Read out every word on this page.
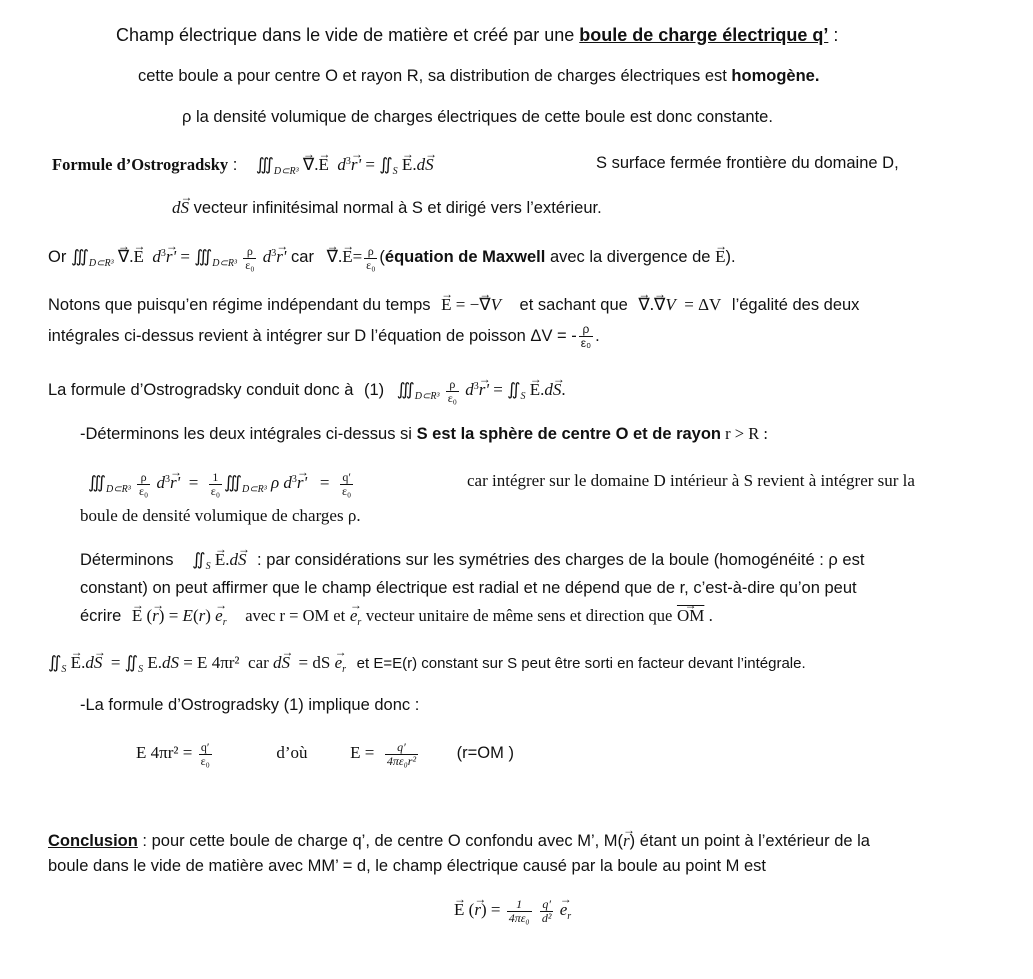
Champ électrique dans le vide de matière et créé par une boule de charge électrique q’ :
cette boule a pour centre O et rayon R, sa distribution de charges électriques est homogène.
ρ la densité volumique de charges électriques de cette boule est donc constante.
Formule d’Ostrogradsky : $∭_{D\subset R^3}$ → ∇.→ E $d^3\to r'$ = $∬_S \to E.d\to S$	S surface fermée frontière du domaine D,
d→ S vecteur infinitésimal normal à S et dirigé vers l’extérieur.
Or $∭_{D\subset R^3}$ → ∇.→ E $d^3\to r'$ = $∭_{D\subset R^3} \frac{\rho}{\text{ε₀}} d^3\to r'$ car → ∇.→ $E= \frac{\rho}{\text{ε₀}}$ (équation de Maxwell avec la divergence de → E).
Notons que puisqu’en régime indépendant du temps → E = −→ ∇V et sachant que → ∇.→ ∇V  = ΔV l’égalité des deux
intégrales ci-dessus revient à intégrer sur D l’équation de poisson ΔV = - $\frac{\rho}{\text{ε₀}}$ .
La formule d’Ostrogradsky conduit donc à (1) $∭_{D\subset R^3} \frac{\rho}{\text{ε₀}} d^3\to r'$ = $∬_S \to E.d\to S$.
-Déterminons les deux intégrales ci-dessus si S est la sphère de centre O et de rayon r > R :
$∭_{D\subset R^3} \frac{\rho}{\text{ε₀}} d^3\to r' = \frac{1}{\text{ε₀}}$ $∭_{D\subset R^3}$ ρ $d^3\to r' = \frac{q'}{\text{ε₀}}$	car intégrer sur le domaine D intérieur à S revient à intégrer sur la
boule de densité volumique de charges ρ.
Déterminons $∬_S \to E.d\to S$ : par considérations sur les symétries des charges de la boule (homogénéité : ρ est
constant) on peut affirmer que le champ électrique est radial et ne dépend que de r, c’est-à-dire qu’on peut
écrire → E (→ $r) = E(r) \to e_r$ avec r = OM et → $e_r$ vecteur unitaire de même sens et direction que → $\overline{OM}$ .
$∬_S \to E.d\to S$  = $∬_S$ E.dS = E 4πr²  car d→ S  = dS → $e_r$ et E=E(r) constant sur S peut être sorti en facteur devant l’intégrale.
-La formule d’Ostrogradsky (1) implique donc :
E $4\pi r^2 = \frac{q'}{\text{ε₀}}$	d’où	$E = \frac{q'}{\text{4πε₀r²}} (r=OM$ )
Conclusion : pour cette boule de charge q’, de centre O confondu avec M’, M(→ r) étant un point à l’extérieur de la
boule dans le vide de matière avec MM’ = d, le champ électrique causé par la boule au point M est
→ E (→ $r) = \frac{1}{\text{4πε₀}}$
$\frac{q'}{\text{d²}} \to e_r$
